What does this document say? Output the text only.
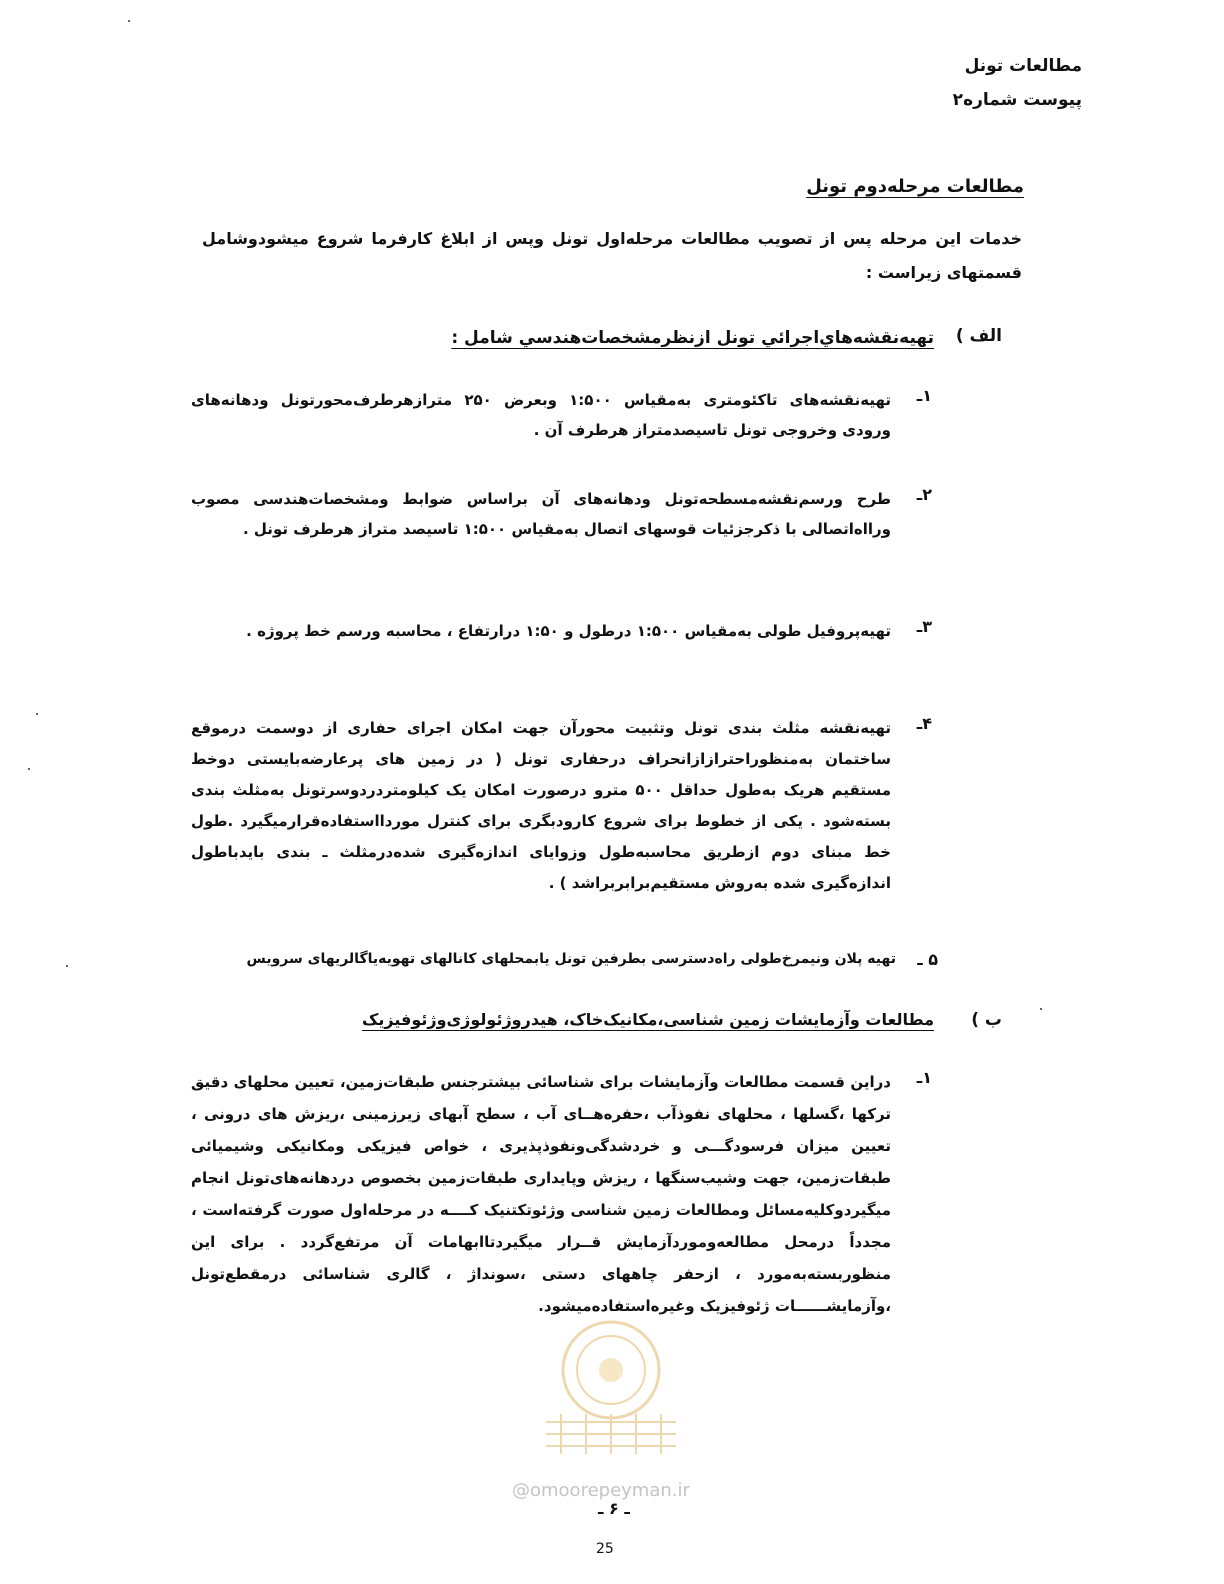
مطالعات تونل
پیوست شماره۲
مطالعات مرحله‌دوم تونل
خدمات این مرحله پس از تصویب مطالعات مرحله‌اول تونل وپس از ابلاغ کارفرما شروع میشودوشامل قسمتهای زیراست :
الف )
تهیه‌نقشه‌هاي‌اجرائي تونل ازنظرمشخصات‌هندسي شامل :
۱ـ
تهیه‌نقشه‌های تاکئومتری به‌مقیاس ۱:۵۰۰ وبعرض ۲۵۰ مترازهرطرف‌محورتونل ودهانه‌های ورودی وخروجی تونل تاسیصدمتراز هرطرف آن .
۲ـ
طرح ورسم‌نقشه‌مسطحه‌تونل ودهانه‌های آن براساس ضوابط ومشخصات‌هندسی مصوب ورااه‌اتصالی با ذکرجزئیات قوسهای اتصال به‌مقیاس ۱:۵۰۰ تاسیصد متراز هرطرف تونل .
۳ـ
تهیه‌پروفیل طولی به‌مقیاس ۱:۵۰۰ درطول و ۱:۵۰ درارتفاع ، محاسبه ورسم خط پروژه .
۴ـ
تهیه‌نقشه مثلث بندی تونل وتثبیت محورآن جهت امکان اجرای حفاری از دوسمت درموقع ساختمان به‌منظوراحترازازانحراف درحفاری تونل ( در زمین های پرعارضه‌بایستی دوخط مستقیم هریک به‌طول حداقل ۵۰۰ مترو درصورت امکان یک کیلومتردردوسرتونل به‌مثلث بندی بسته‌شود . یکی از خطوط برای شروع کارودبگری برای کنترل موردااستفاده‌قرارمیگیرد .طول خط مبنای دوم ازطریق محاسبه‌طول وزوایای اندازه‌گیری شده‌درمثلث ـ بندی بایدباطول اندازه‌گیری شده به‌روش مستقیم‌برابربراشد ) .
۵ ـ
تهیه پلان ونیمرخ‌طولی راه‌دسترسی بطرفین تونل یابمحلهای کانالهای تهویه‌یاگالریهای سرویس
ب )
مطالعات وآزمایشات زمین شناسی،مکانیک‌خاک، هیدروژئولوژی‌وژئوفیزیک
۱ـ
دراین قسمت مطالعات وآزمایشات برای شناسائی بیشترجنس طبقات‌زمین، تعیین محلهای دقیق ترکها ،گسلها ، محلهای نفوذآب ،حفره‌هــای آب ، سطح آبهای زیرزمینی ،ریزش های درونی ، تعیین میزان فرسودگـــی و خردشدگی‌ونفوذپذیری ، خواص فیزیکی ومکانیکی وشیمیائی طبقات‌زمین، جهت وشیب‌سنگها ، ریزش وپایداری طبقات‌زمین بخصوص دردهانه‌های‌تونل انجام میگیردوکلیه‌مسائل ومطالعات زمین شناسی وژئوتکتنیک کــــه در مرحله‌اول صورت گرفته‌است ، مجدداً درمحل مطالعه‌وموردآزمایش قــرار میگیردتاابهامات آن مرتفع‌گردد . برای این منظوربسته‌به‌مورد ، ازحفر چاههای دستی ،سونداژ ، گالری شناسائی درمقطع‌تونل ،وآزمایشــــــات ژئوفیزیک وغیره‌استفاده‌میشود.
@omoorepeyman.ir
ـ ۶ ـ
25
